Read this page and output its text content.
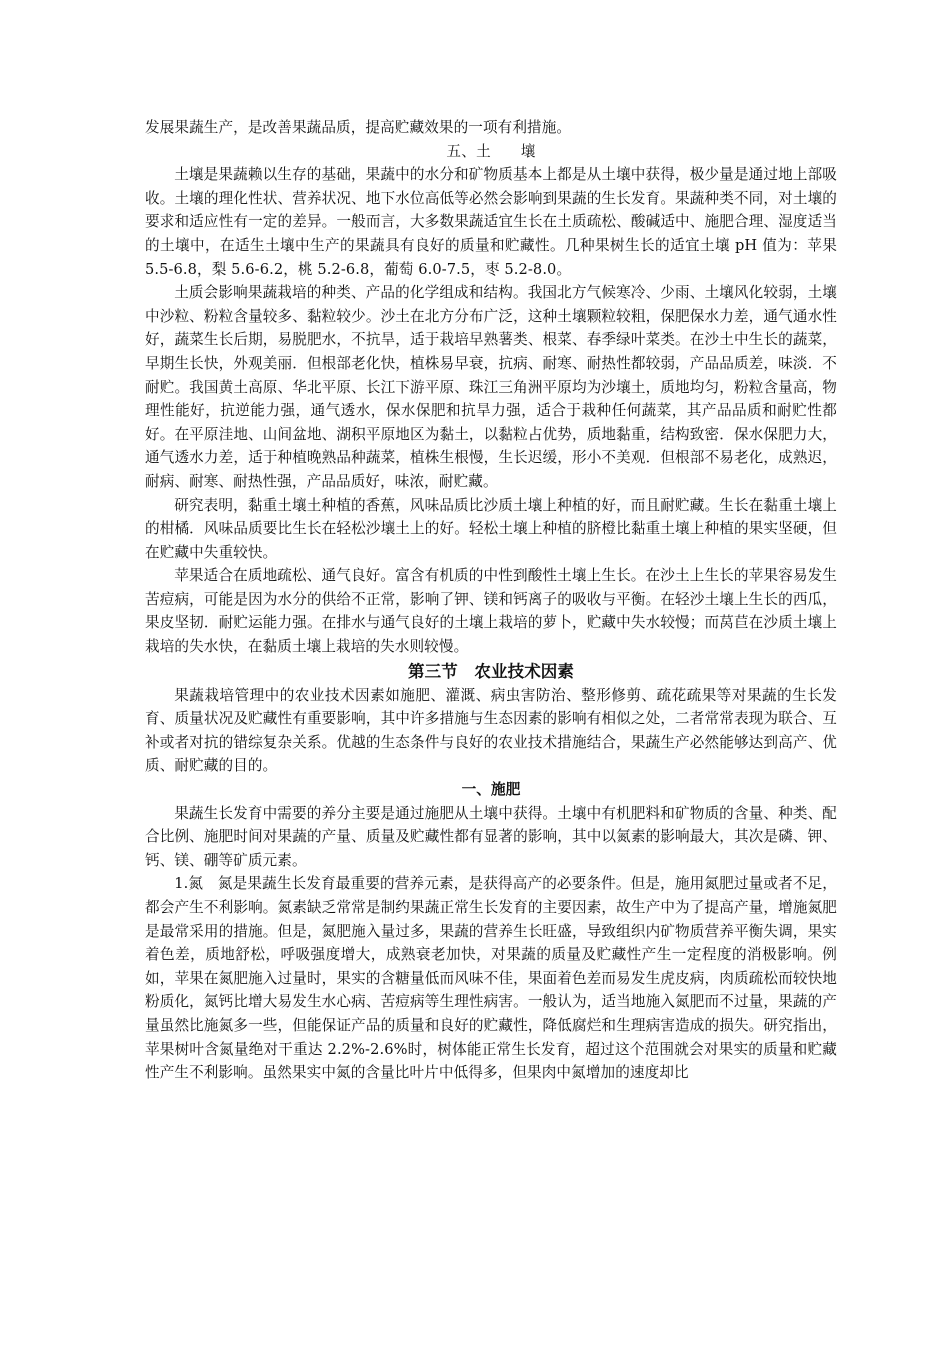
发展果蔬生产，是改善果蔬品质，提高贮藏效果的一项有利措施。

五、土　　壤

土壤是果蔬赖以生存的基础，果蔬中的水分和矿物质基本上都是从土壤中获得，极少量是通过地上部吸收。土壤的理化性状、营养状况、地下水位高低等必然会影响到果蔬的生长发育。果蔬种类不同，对土壤的要求和适应性有一定的差异。一般而言，大多数果蔬适宜生长在土质疏松、酸碱适中、施肥合理、湿度适当的土壤中，在适生土壤中生产的果蔬具有良好的质量和贮藏性。几种果树生长的适宜土壤 pH 值为：苹果 5.5-6.8，梨 5.6-6.2，桃 5.2-6.8，葡萄 6.0-7.5，枣 5.2-8.0。

土质会影响果蔬栽培的种类、产品的化学组成和结构。我国北方气候寒冷、少雨、土壤风化较弱，土壤中沙粒、粉粒含量较多、黏粒较少。沙土在北方分布广泛，这种土壤颗粒较粗，保肥保水力差，通气通水性好，蔬菜生长后期，易脱肥水，不抗旱，适于栽培早熟薯类、根菜、春季绿叶菜类。在沙土中生长的蔬菜，早期生长快，外观美丽．但根部老化快，植株易早衰，抗病、耐寒、耐热性都较弱，产品品质差，味淡．不耐贮。我国黄土高原、华北平原、长江下游平原、珠江三角洲平原均为沙壤土，质地均匀，粉粒含量高，物理性能好，抗逆能力强，通气透水，保水保肥和抗旱力强，适合于栽种任何蔬菜，其产品品质和耐贮性都好。在平原洼地、山间盆地、湖积平原地区为黏土，以黏粒占优势，质地黏重，结构致密．保水保肥力大，通气透水力差，适于种植晚熟品种蔬菜，植株生根慢，生长迟缓，形小不美观．但根部不易老化，成熟迟，耐病、耐寒、耐热性强，产品品质好，味浓，耐贮藏。

研究表明，黏重土壤土种植的香蕉，风味品质比沙质土壤上种植的好，而且耐贮藏。生长在黏重土壤上的柑橘．风味品质要比生长在轻松沙壤土上的好。轻松土壤上种植的脐橙比黏重土壤上种植的果实坚硬，但在贮藏中失重较快。

苹果适合在质地疏松、通气良好。富含有机质的中性到酸性土壤上生长。在沙土上生长的苹果容易发生苦痘病，可能是因为水分的供给不正常，影响了钾、镁和钙离子的吸收与平衡。在轻沙土壤上生长的西瓜，果皮坚韧．耐贮运能力强。在排水与通气良好的土壤上栽培的萝卜，贮藏中失水较慢；而莴苣在沙质土壤上栽培的失水快，在黏质土壤上栽培的失水则较慢。

第三节　农业技术因素

果蔬栽培管理中的农业技术因素如施肥、灌溉、病虫害防治、整形修剪、疏花疏果等对果蔬的生长发育、质量状况及贮藏性有重要影响，其中许多措施与生态因素的影响有相似之处，二者常常表现为联合、互补或者对抗的错综复杂关系。优越的生态条件与良好的农业技术措施结合，果蔬生产必然能够达到高产、优质、耐贮藏的目的。

一、施肥

果蔬生长发育中需要的养分主要是通过施肥从土壤中获得。土壤中有机肥料和矿物质的含量、种类、配合比例、施肥时间对果蔬的产量、质量及贮藏性都有显著的影响，其中以氮素的影响最大，其次是磷、钾、钙、镁、硼等矿质元素。

1.氮　氮是果蔬生长发育最重要的营养元素，是获得高产的必要条件。但是，施用氮肥过量或者不足，都会产生不利影响。氮素缺乏常常是制约果蔬正常生长发育的主要因素，故生产中为了提高产量，增施氮肥是最常采用的措施。但是，氮肥施入量过多，果蔬的营养生长旺盛，导致组织内矿物质营养平衡失调，果实着色差，质地舒松，呼吸强度增大，成熟衰老加快，对果蔬的质量及贮藏性产生一定程度的消极影响。例如，苹果在氮肥施入过量时，果实的含糖量低而风味不佳，果面着色差而易发生虎皮病，肉质疏松而较快地粉质化，氮钙比增大易发生水心病、苦痘病等生理性病害。一般认为，适当地施入氮肥而不过量，果蔬的产量虽然比施氮多一些，但能保证产品的质量和良好的贮藏性，降低腐烂和生理病害造成的损失。研究指出，苹果树叶含氮量绝对干重达 2.2%-2.6%时，树体能正常生长发育，超过这个范围就会对果实的质量和贮藏性产生不利影响。虽然果实中氮的含量比叶片中低得多，但果肉中氮增加的速度却比
